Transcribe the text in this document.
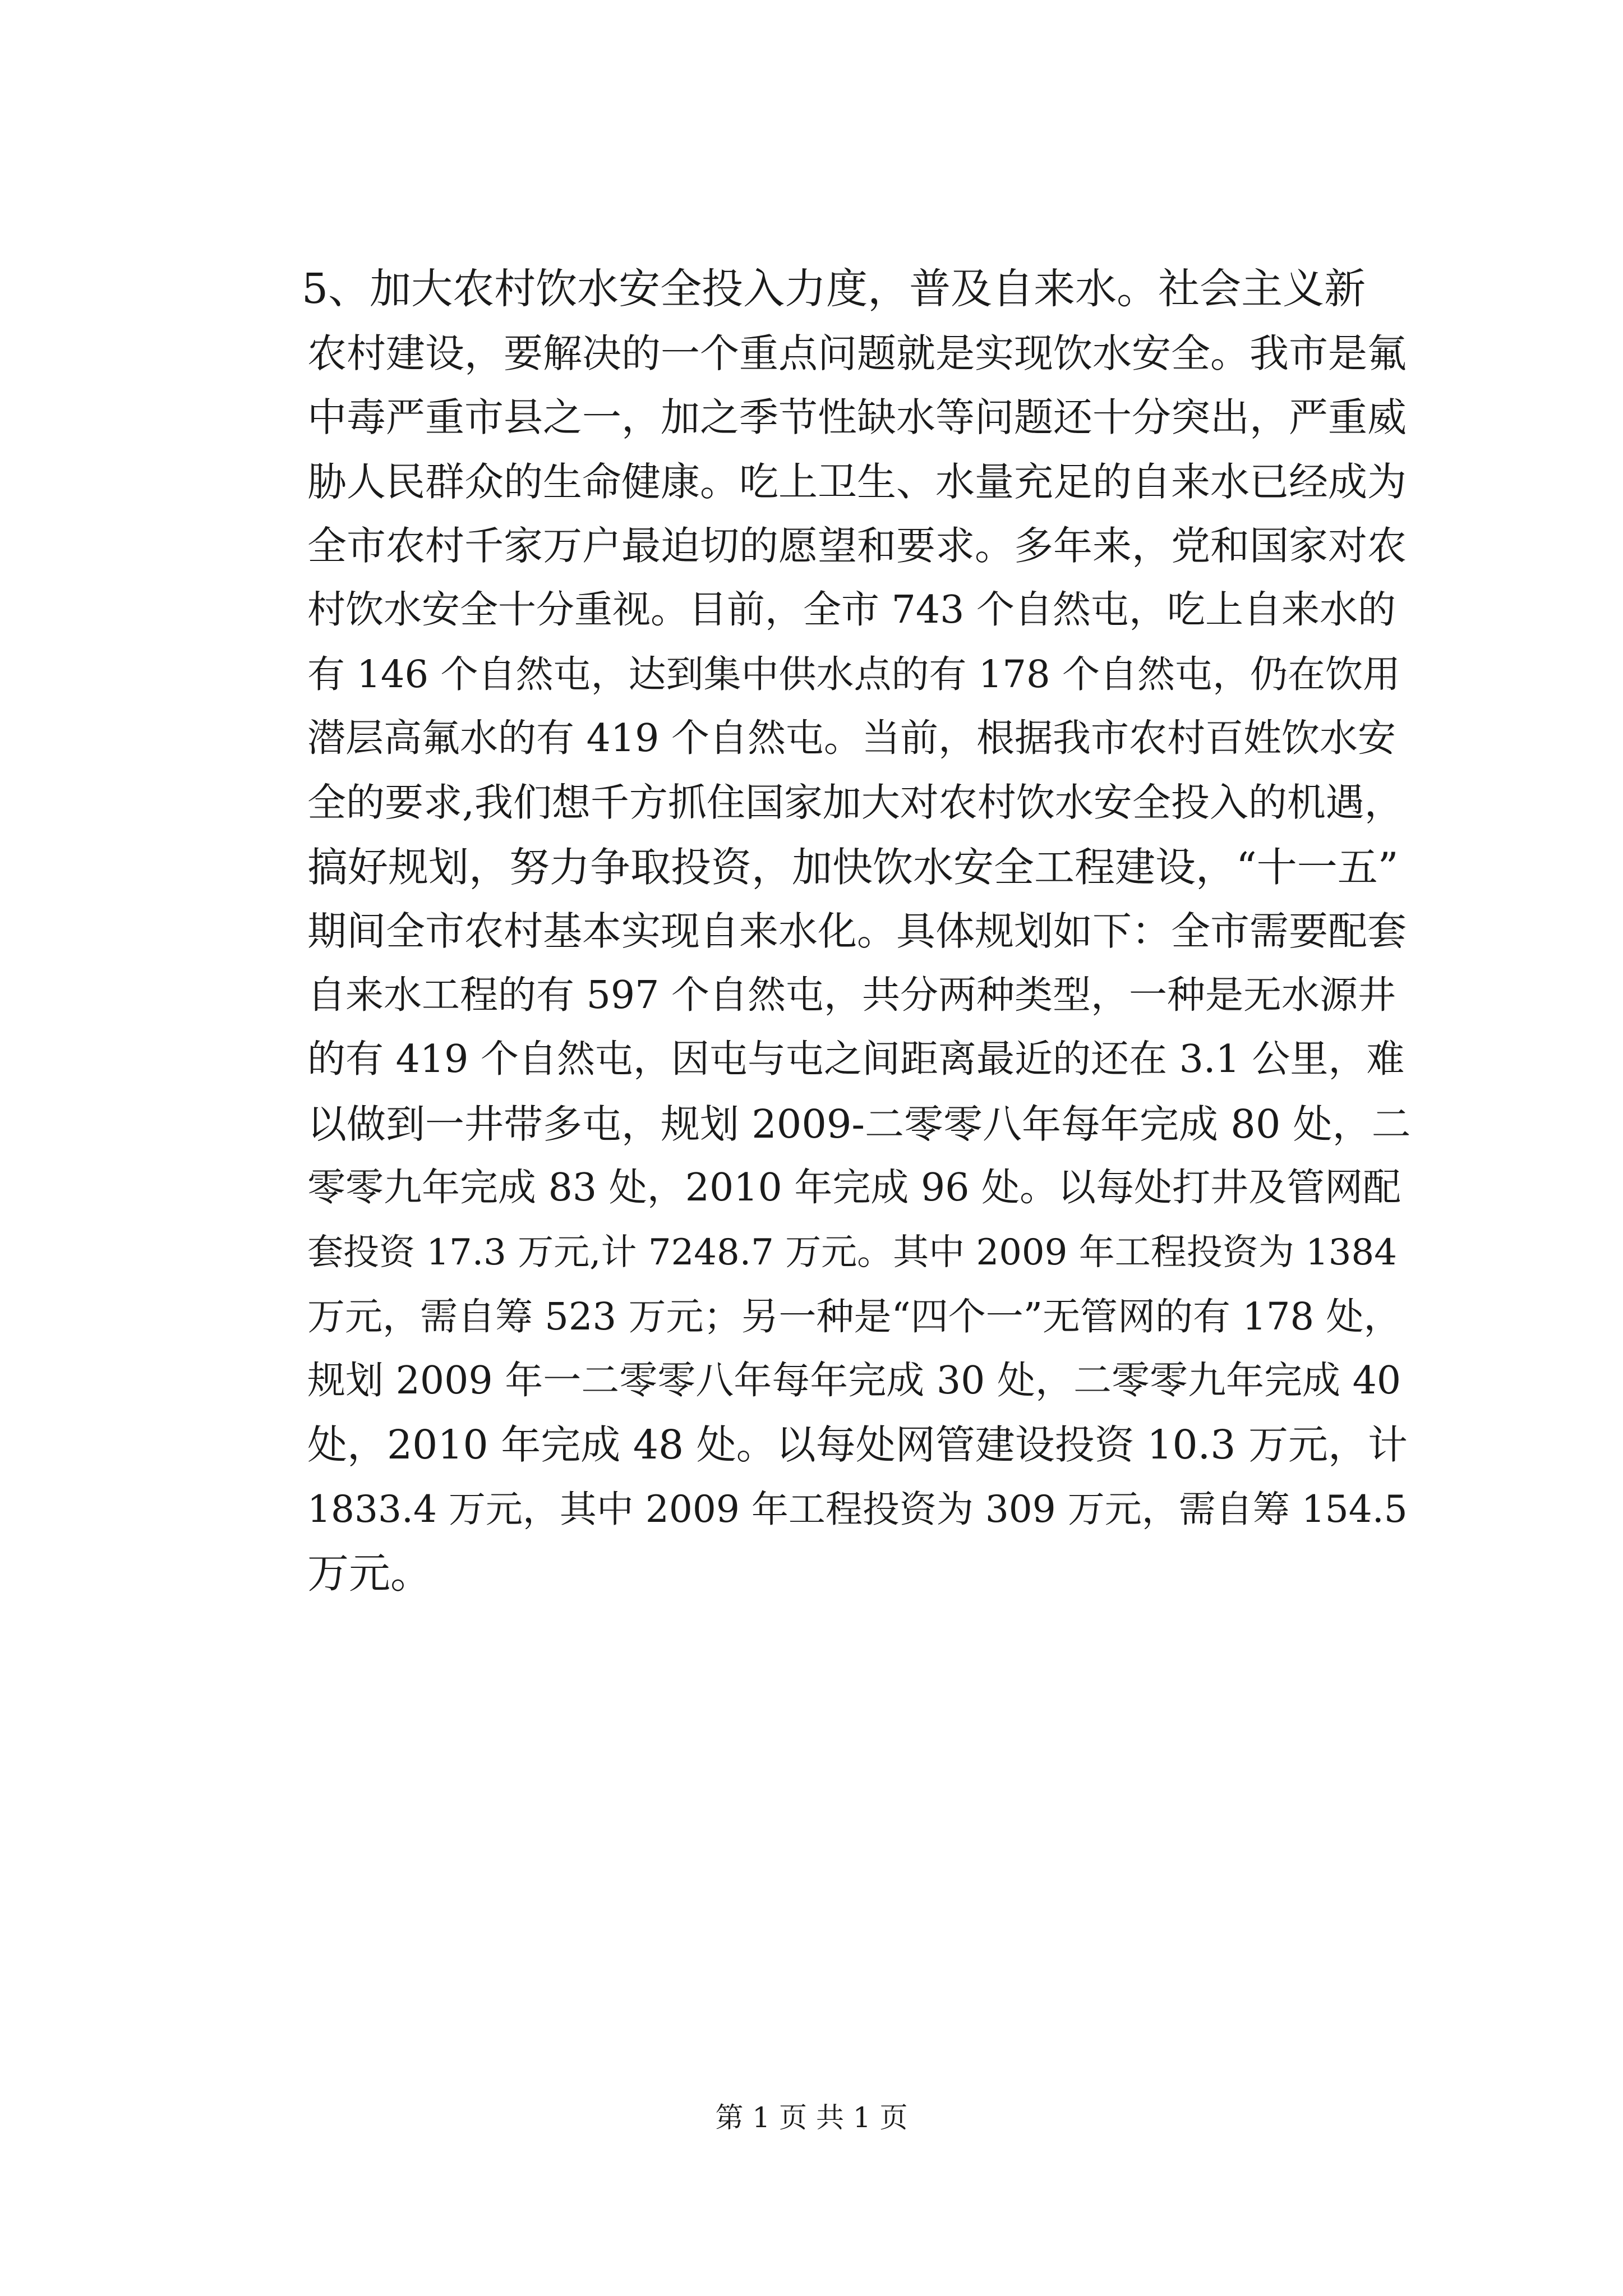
5、加大农村饮水安全投入力度，普及自来水。社会主义新
农村建设，要解决的一个重点问题就是实现饮水安全。我市是氟
中毒严重市县之一，加之季节性缺水等问题还十分突出，严重威
胁人民群众的生命健康。吃上卫生、水量充足的自来水已经成为
全市农村千家万户最迫切的愿望和要求。多年来，党和国家对农
村饮水安全十分重视。目前，全市 743 个自然屯，吃上自来水的
有 146 个自然屯，达到集中供水点的有 178 个自然屯，仍在饮用
潜层高氟水的有 419 个自然屯。当前，根据我市农村百姓饮水安
全的要求,我们想千方抓住国家加大对农村饮水安全投入的机遇，
搞好规划，努力争取投资，加快饮水安全工程建设，“十一五”
期间全市农村基本实现自来水化。具体规划如下：全市需要配套
自来水工程的有 597 个自然屯，共分两种类型，一种是无水源井
的有 419 个自然屯，因屯与屯之间距离最近的还在 3.1 公里，难
以做到一井带多屯，规划 2009-二零零八年每年完成 80 处，二
零零九年完成 83 处，2010 年完成 96 处。以每处打井及管网配
套投资 17.3 万元,计 7248.7 万元。其中 2009 年工程投资为 1384
万元，需自筹 523 万元；另一种是“四个一”无管网的有 178 处，
规划 2009 年一二零零八年每年完成 30 处，二零零九年完成 40
处，2010 年完成 48 处。以每处网管建设投资 10.3 万元，计
1833.4 万元，其中 2009 年工程投资为 309 万元，需自筹 154.5
万元。
第 1 页 共 1 页
